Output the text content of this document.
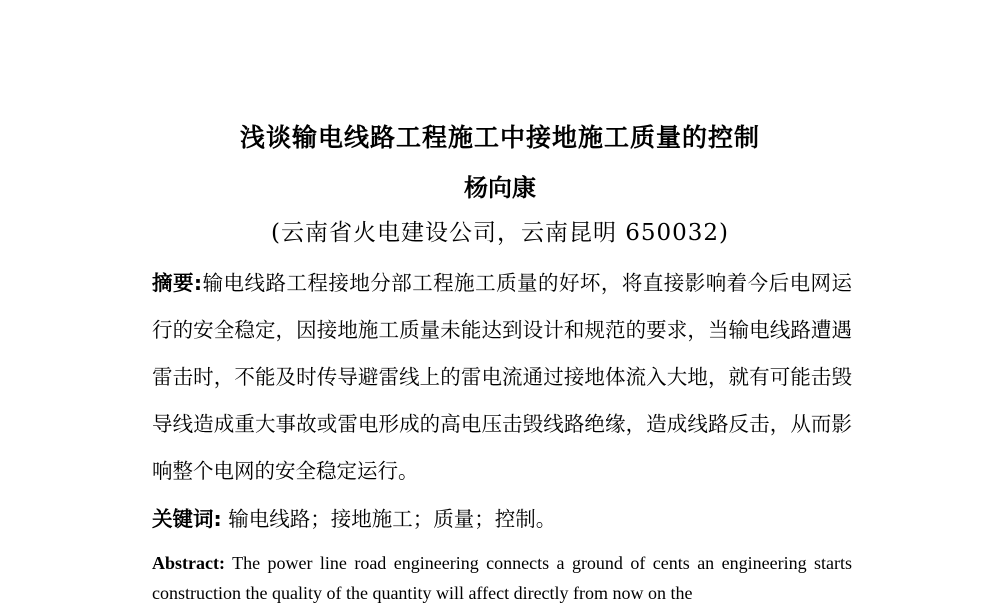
浅谈输电线路工程施工中接地施工质量的控制
杨向康
(云南省火电建设公司，云南昆明 650032)
摘要:输电线路工程接地分部工程施工质量的好坏，将直接影响着今后电网运行的安全稳定，因接地施工质量未能达到设计和规范的要求，当输电线路遭遇雷击时，不能及时传导避雷线上的雷电流通过接地体流入大地，就有可能击毁导线造成重大事故或雷电形成的高电压击毁线路绝缘，造成线路反击，从而影响整个电网的安全稳定运行。
关键词: 输电线路；接地施工；质量；控制。
Abstract: The power line road engineering connects a ground of cents an engineering starts construction the quality of the quantity will affect directly from now on the
